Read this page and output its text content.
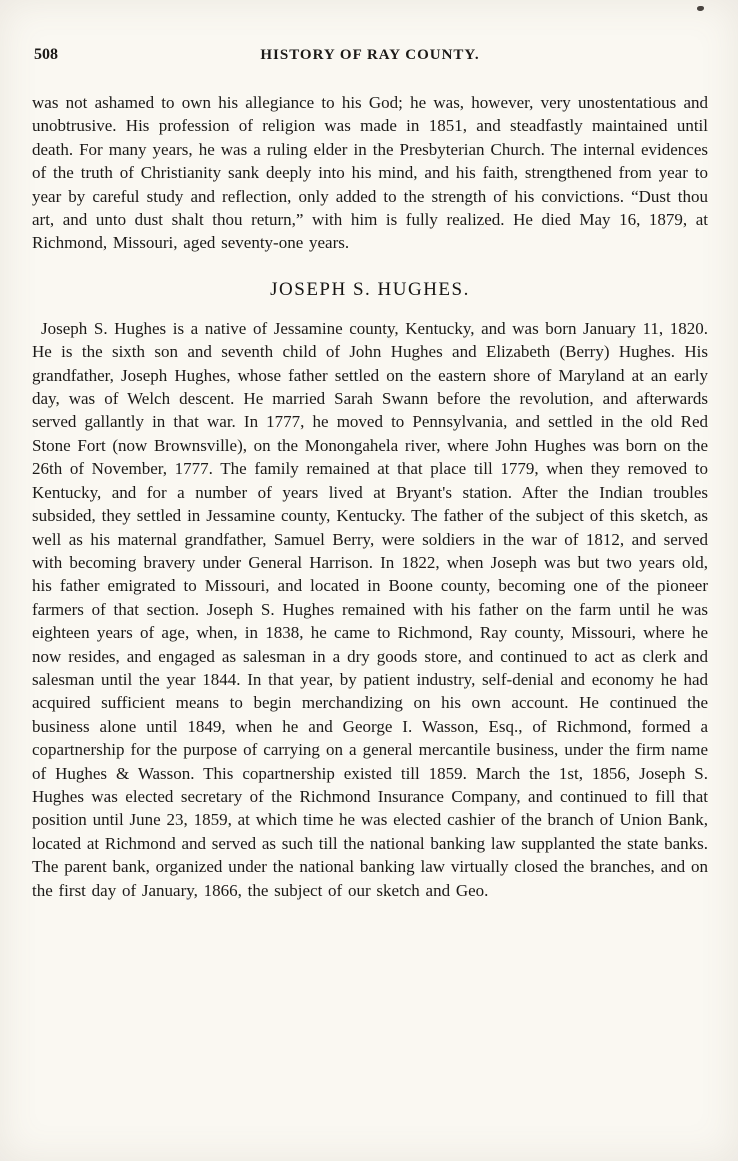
508	HISTORY OF RAY COUNTY.

was not ashamed to own his allegiance to his God; he was, however, very unostentatious and unobtrusive. His profession of religion was made in 1851, and steadfastly maintained until death. For many years, he was a ruling elder in the Presbyterian Church. The internal evidences of the truth of Christianity sank deeply into his mind, and his faith, strengthened from year to year by careful study and reflection, only added to the strength of his convictions. “Dust thou art, and unto dust shalt thou return,” with him is fully realized. He died May 16, 1879, at Richmond, Missouri, aged seventy-one years.

JOSEPH S. HUGHES.

Joseph S. Hughes is a native of Jessamine county, Kentucky, and was born January 11, 1820. He is the sixth son and seventh child of John Hughes and Elizabeth (Berry) Hughes. His grandfather, Joseph Hughes, whose father settled on the eastern shore of Maryland at an early day, was of Welch descent. He married Sarah Swann before the revolution, and afterwards served gallantly in that war. In 1777, he moved to Pennsylvania, and settled in the old Red Stone Fort (now Brownsville), on the Monongahela river, where John Hughes was born on the 26th of November, 1777. The family remained at that place till 1779, when they removed to Kentucky, and for a number of years lived at Bryant's station. After the Indian troubles subsided, they settled in Jessamine county, Kentucky. The father of the subject of this sketch, as well as his maternal grandfather, Samuel Berry, were soldiers in the war of 1812, and served with becoming bravery under General Harrison. In 1822, when Joseph was but two years old, his father emigrated to Missouri, and located in Boone county, becoming one of the pioneer farmers of that section. Joseph S. Hughes remained with his father on the farm until he was eighteen years of age, when, in 1838, he came to Richmond, Ray county, Missouri, where he now resides, and engaged as salesman in a dry goods store, and continued to act as clerk and salesman until the year 1844. In that year, by patient industry, self-denial and economy he had acquired sufficient means to begin merchandizing on his own account. He continued the business alone until 1849, when he and George I. Wasson, Esq., of Richmond, formed a copartnership for the purpose of carrying on a general mercantile business, under the firm name of Hughes & Wasson. This copartnership existed till 1859. March the 1st, 1856, Joseph S. Hughes was elected secretary of the Richmond Insurance Company, and continued to fill that position until June 23, 1859, at which time he was elected cashier of the branch of Union Bank, located at Richmond and served as such till the national banking law supplanted the state banks. The parent bank, organized under the national banking law virtually closed the branches, and on the first day of January, 1866, the subject of our sketch and Geo.
